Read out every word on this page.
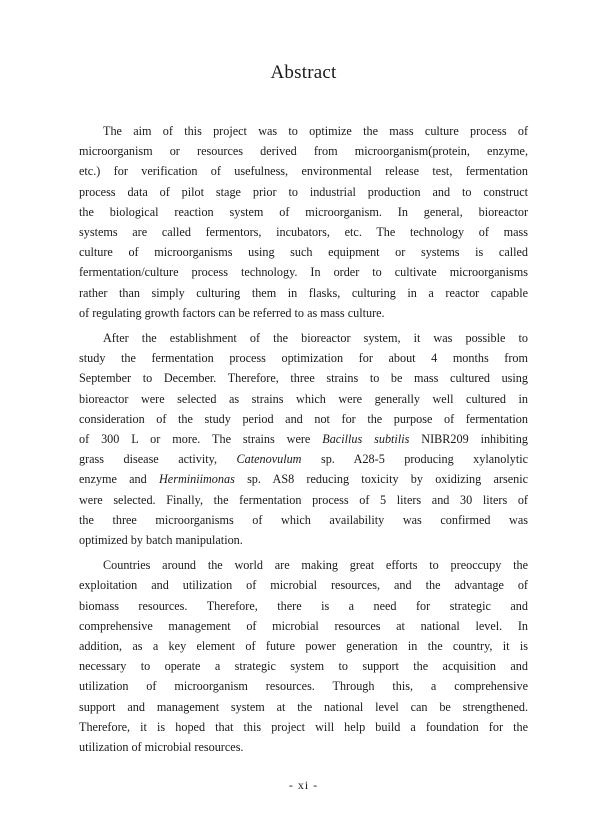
Abstract
The aim of this project was to optimize the mass culture process of
microorganism or resources derived from microorganism(protein, enzyme,
etc.) for verification of usefulness, environmental release test, fermentation
process data of pilot stage prior to industrial production and to construct
the biological reaction system of microorganism. In general, bioreactor
systems are called fermentors, incubators, etc. The technology of mass
culture of microorganisms using such equipment or systems is called
fermentation/culture process technology. In order to cultivate microorganisms
rather than simply culturing them in flasks, culturing in a reactor capable
of regulating growth factors can be referred to as mass culture.
After the establishment of the bioreactor system, it was possible to
study the fermentation process optimization for about 4 months from
September to December. Therefore, three strains to be mass cultured using
bioreactor were selected as strains which were generally well cultured in
consideration of the study period and not for the purpose of fermentation
of 300 L or more. The strains were Bacillus subtilis NIBR209 inhibiting
grass disease activity, Catenovulum sp. A28-5 producing xylanolytic
enzyme and Herminiimonas sp. AS8 reducing toxicity by oxidizing arsenic
were selected. Finally, the fermentation process of 5 liters and 30 liters of
the three microorganisms of which availability was confirmed was
optimized by batch manipulation.
Countries around the world are making great efforts to preoccupy the
exploitation and utilization of microbial resources, and the advantage of
biomass resources. Therefore, there is a need for strategic and
comprehensive management of microbial resources at national level. In
addition, as a key element of future power generation in the country, it is
necessary to operate a strategic system to support the acquisition and
utilization of microorganism resources. Through this, a comprehensive
support and management system at the national level can be strengthened.
Therefore, it is hoped that this project will help build a foundation for the
utilization of microbial resources.
- xi -
